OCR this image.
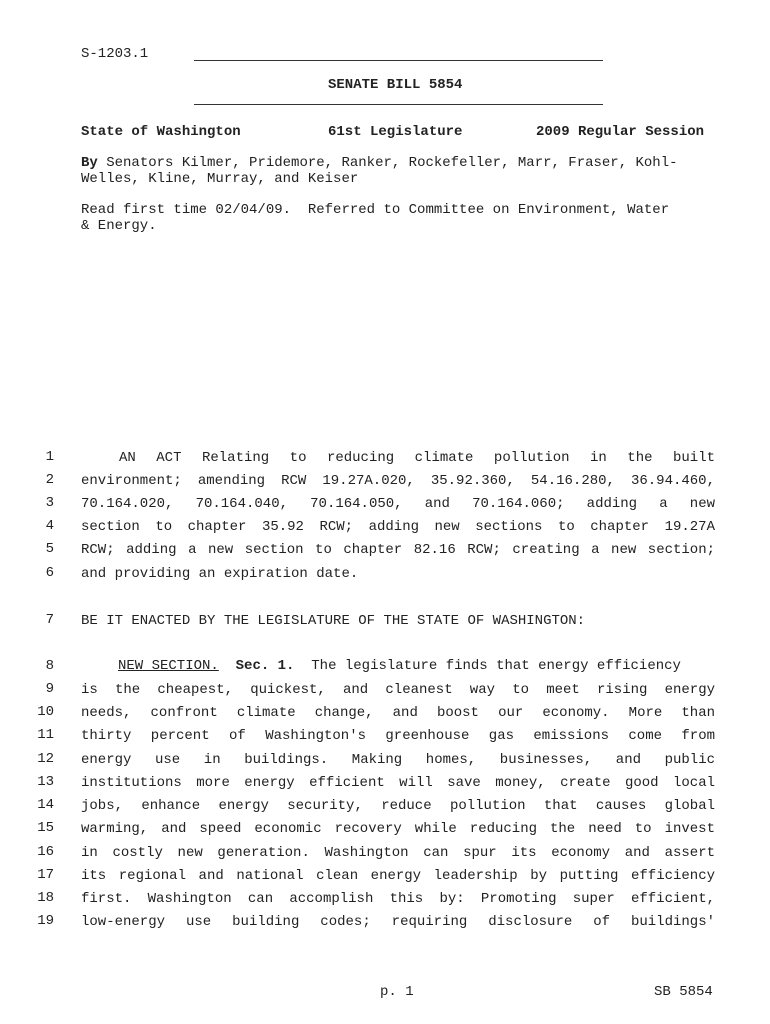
S-1203.1
SENATE BILL 5854
State of Washington	61st Legislature	2009 Regular Session
By Senators Kilmer, Pridemore, Ranker, Rockefeller, Marr, Fraser, Kohl-
Welles, Kline, Murray, and Keiser
Read first time 02/04/09.  Referred to Committee on Environment, Water
& Energy.
1	AN ACT Relating to reducing climate pollution in the built
2 environment; amending RCW 19.27A.020, 35.92.360, 54.16.280, 36.94.460,
3 70.164.020, 70.164.040, 70.164.050, and 70.164.060; adding a new
4 section to chapter 35.92 RCW; adding new sections to chapter 19.27A
5 RCW; adding a new section to chapter 82.16 RCW; creating a new section;
6 and providing an expiration date.
7 BE IT ENACTED BY THE LEGISLATURE OF THE STATE OF WASHINGTON:
8	NEW SECTION. Sec. 1. The legislature finds that energy efficiency
9 is the cheapest, quickest, and cleanest way to meet rising energy
10 needs, confront climate change, and boost our economy. More than
11 thirty percent of Washington's greenhouse gas emissions come from
12 energy use in buildings. Making homes, businesses, and public
13 institutions more energy efficient will save money, create good local
14 jobs, enhance energy security, reduce pollution that causes global
15 warming, and speed economic recovery while reducing the need to invest
16 in costly new generation. Washington can spur its economy and assert
17 its regional and national clean energy leadership by putting efficiency
18 first. Washington can accomplish this by: Promoting super efficient,
19 low-energy use building codes; requiring disclosure of buildings'
p. 1	SB 5854
